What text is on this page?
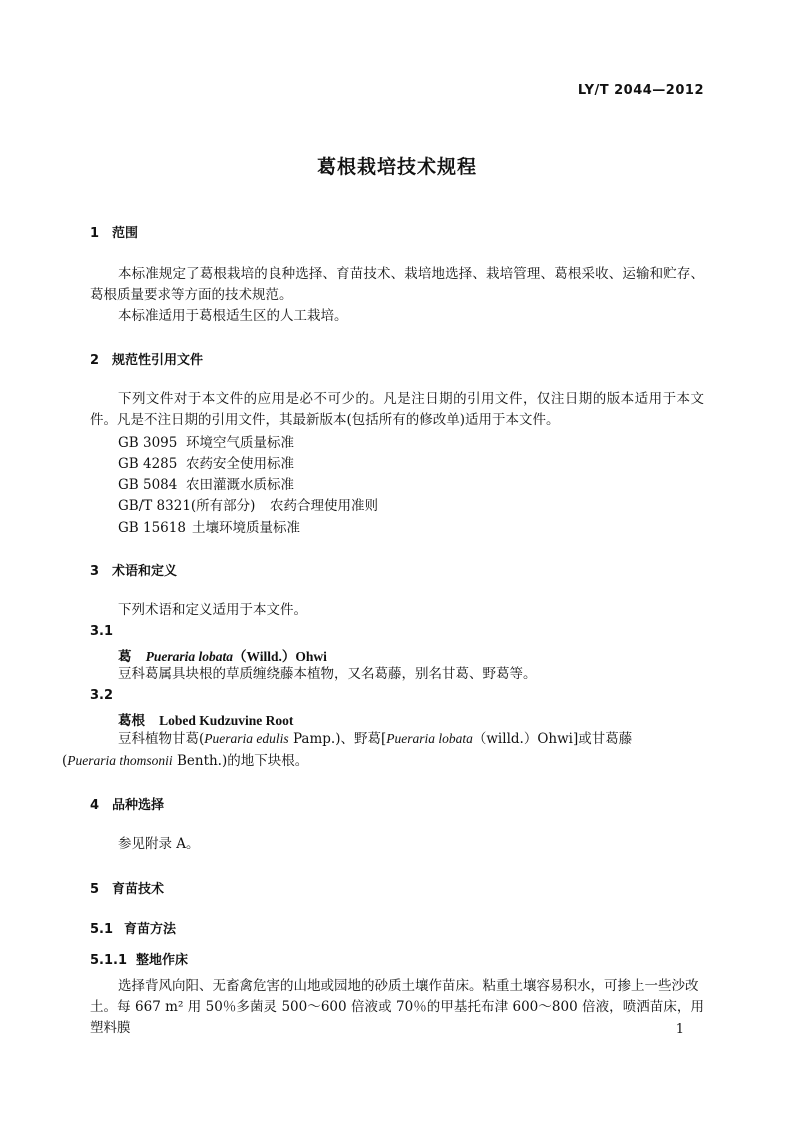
LY/T 2044—2012
葛根栽培技术规程
1 范围
本标准规定了葛根栽培的良种选择、育苗技术、栽培地选择、栽培管理、葛根采收、运输和贮存、葛根质量要求等方面的技术规范。
本标准适用于葛根适生区的人工栽培。
2 规范性引用文件
下列文件对于本文件的应用是必不可少的。凡是注日期的引用文件，仅注日期的版本适用于本文件。凡是不注日期的引用文件，其最新版本(包括所有的修改单)适用于本文件。
GB 3095 环境空气质量标准
GB 4285 农药安全使用标准
GB 5084 农田灌溉水质标准
GB/T 8321(所有部分) 农药合理使用准则
GB 15618 土壤环境质量标准
3 术语和定义
下列术语和定义适用于本文件。
3.1
葛 Pueraria lobata（Willd.）Ohwi
豆科葛属具块根的草质缠绕藤本植物，又名葛藤，别名甘葛、野葛等。
3.2
葛根 Lobed Kudzuvine Root
豆科植物甘葛(Pueraria edulis Pamp.)、野葛[Pueraria lobata（willd.）Ohwi]或甘葛藤
(Pueraria thomsonii Benth.)的地下块根。
4 品种选择
参见附录 A。
5 育苗技术
5.1 育苗方法
5.1.1 整地作床
选择背风向阳、无畜禽危害的山地或园地的砂质土壤作苗床。粘重土壤容易积水，可掺上一些沙改
土。每 667 m² 用 50％多菌灵 500～600 倍液或 70％的甲基托布津 600～800 倍液，喷洒苗床，用塑料膜	1
